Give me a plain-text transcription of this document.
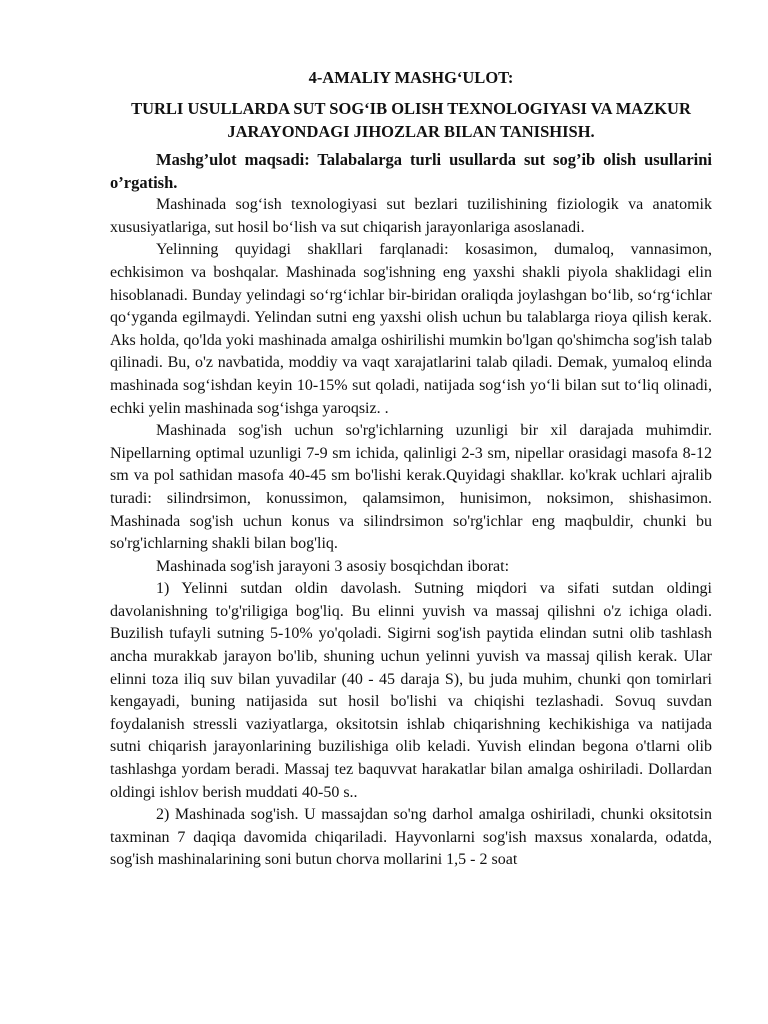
4-AMALIY MASHG‘ULOT:
TURLI USULLARDA SUT SOG‘IB OLISH TEXNOLOGIYASI VA MAZKUR JARAYONDAGI JIHOZLAR BILAN TANISHISH.

Mashg’ulot maqsadi: Talabalarga turli usullarda sut sog’ib olish usullarini o’rgatish.

Mashinada sog‘ish texnologiyasi sut bezlari tuzilishining fiziologik va anatomik xususiyatlariga, sut hosil bo‘lish va sut chiqarish jarayonlariga asoslanadi.

Yelinning quyidagi shakllari farqlanadi: kosasimon, dumaloq, vannasimon, echkisimon va boshqalar. Mashinada sog'ishning eng yaxshi shakli piyola shaklidagi elin hisoblanadi. Bunday yelindagi so‘rg‘ichlar bir-biridan oraliqda joylashgan bo‘lib, so‘rg‘ichlar qo‘yganda egilmaydi. Yelindan sutni eng yaxshi olish uchun bu talablarga rioya qilish kerak. Aks holda, qo'lda yoki mashinada amalga oshirilishi mumkin bo'lgan qo'shimcha sog'ish talab qilinadi. Bu, o'z navbatida, moddiy va vaqt xarajatlarini talab qiladi. Demak, yumaloq elinda mashinada sog‘ishdan keyin 10-15% sut qoladi, natijada sog‘ish yo‘li bilan sut to‘liq olinadi, echki yelin mashinada sog‘ishga yaroqsiz. .

Mashinada sog'ish uchun so'rg'ichlarning uzunligi bir xil darajada muhimdir. Nipellarning optimal uzunligi 7-9 sm ichida, qalinligi 2-3 sm, nipellar orasidagi masofa 8-12 sm va pol sathidan masofa 40-45 sm bo'lishi kerak.Quyidagi shakllar. ko'krak uchlari ajralib turadi: silindrsimon, konussimon, qalamsimon, hunisimon, noksimon, shishasimon. Mashinada sog'ish uchun konus va silindrsimon so'rg'ichlar eng maqbuldir, chunki bu so'rg'ichlarning shakli bilan bog'liq.

Mashinada sog'ish jarayoni 3 asosiy bosqichdan iborat:

1) Yelinni sutdan oldin davolash. Sutning miqdori va sifati sutdan oldingi davolanishning to'g'riligiga bog'liq. Bu elinni yuvish va massaj qilishni o'z ichiga oladi. Buzilish tufayli sutning 5-10% yo'qoladi. Sigirni sog'ish paytida elindan sutni olib tashlash ancha murakkab jarayon bo'lib, shuning uchun yelinni yuvish va massaj qilish kerak. Ular elinni toza iliq suv bilan yuvadilar (40 - 45 daraja S), bu juda muhim, chunki qon tomirlari kengayadi, buning natijasida sut hosil bo'lishi va chiqishi tezlashadi. Sovuq suvdan foydalanish stressli vaziyatlarga, oksitotsin ishlab chiqarishning kechikishiga va natijada sutni chiqarish jarayonlarining buzilishiga olib keladi. Yuvish elindan begona o'tlarni olib tashlashga yordam beradi. Massaj tez baquvvat harakatlar bilan amalga oshiriladi. Dollardan oldingi ishlov berish muddati 40-50 s..

2) Mashinada sog'ish. U massajdan so'ng darhol amalga oshiriladi, chunki oksitotsin taxminan 7 daqiqa davomida chiqariladi. Hayvonlarni sog'ish maxsus xonalarda, odatda, sog'ish mashinalarining soni butun chorva mollarini 1,5 - 2 soat
